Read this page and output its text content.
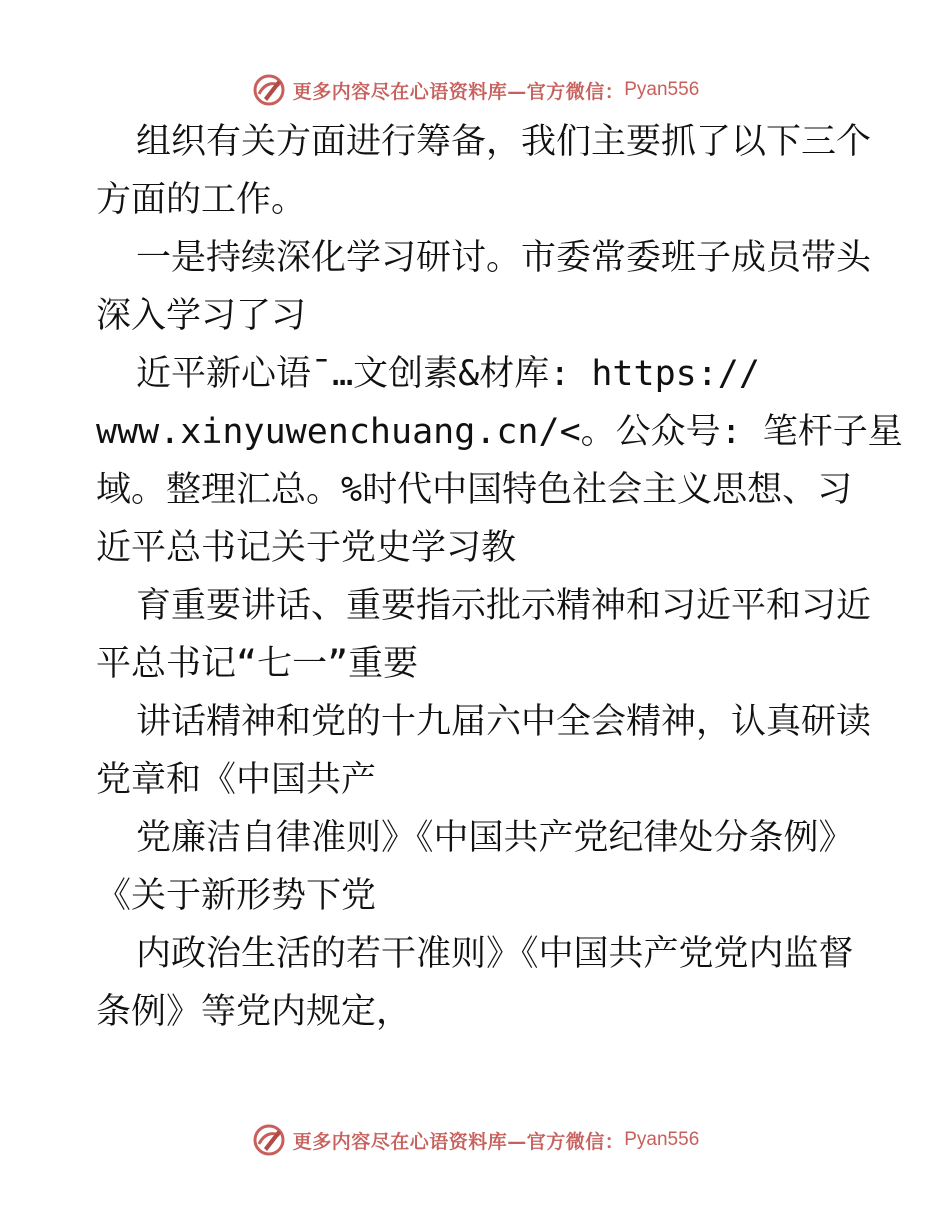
更多内容尽在心语资料库—官方微信： Pyan556
组织有关方面进行筹备，我们主要抓了以下三个
方面的工作。
一是持续深化学习研讨。市委常委班子成员带头
深入学习了习
近平新心语¯…文创素&材库: https://
www.xinyuwenchuang.cn/<。公众号: 笔杆子星
域。整理汇总。%时代中国特色社会主义思想、习
近平总书记关于党史学习教
育重要讲话、重要指示批示精神和习近平和习近
平总书记“七一”重要
讲话精神和党的十九届六中全会精神，认真研读
党章和《中国共产
党廉洁自律准则》《中国共产党纪律处分条例》
《关于新形势下党
内政治生活的若干准则》《中国共产党党内监督
条例》等党内规定，
更多内容尽在心语资料库—官方微信： Pyan556
